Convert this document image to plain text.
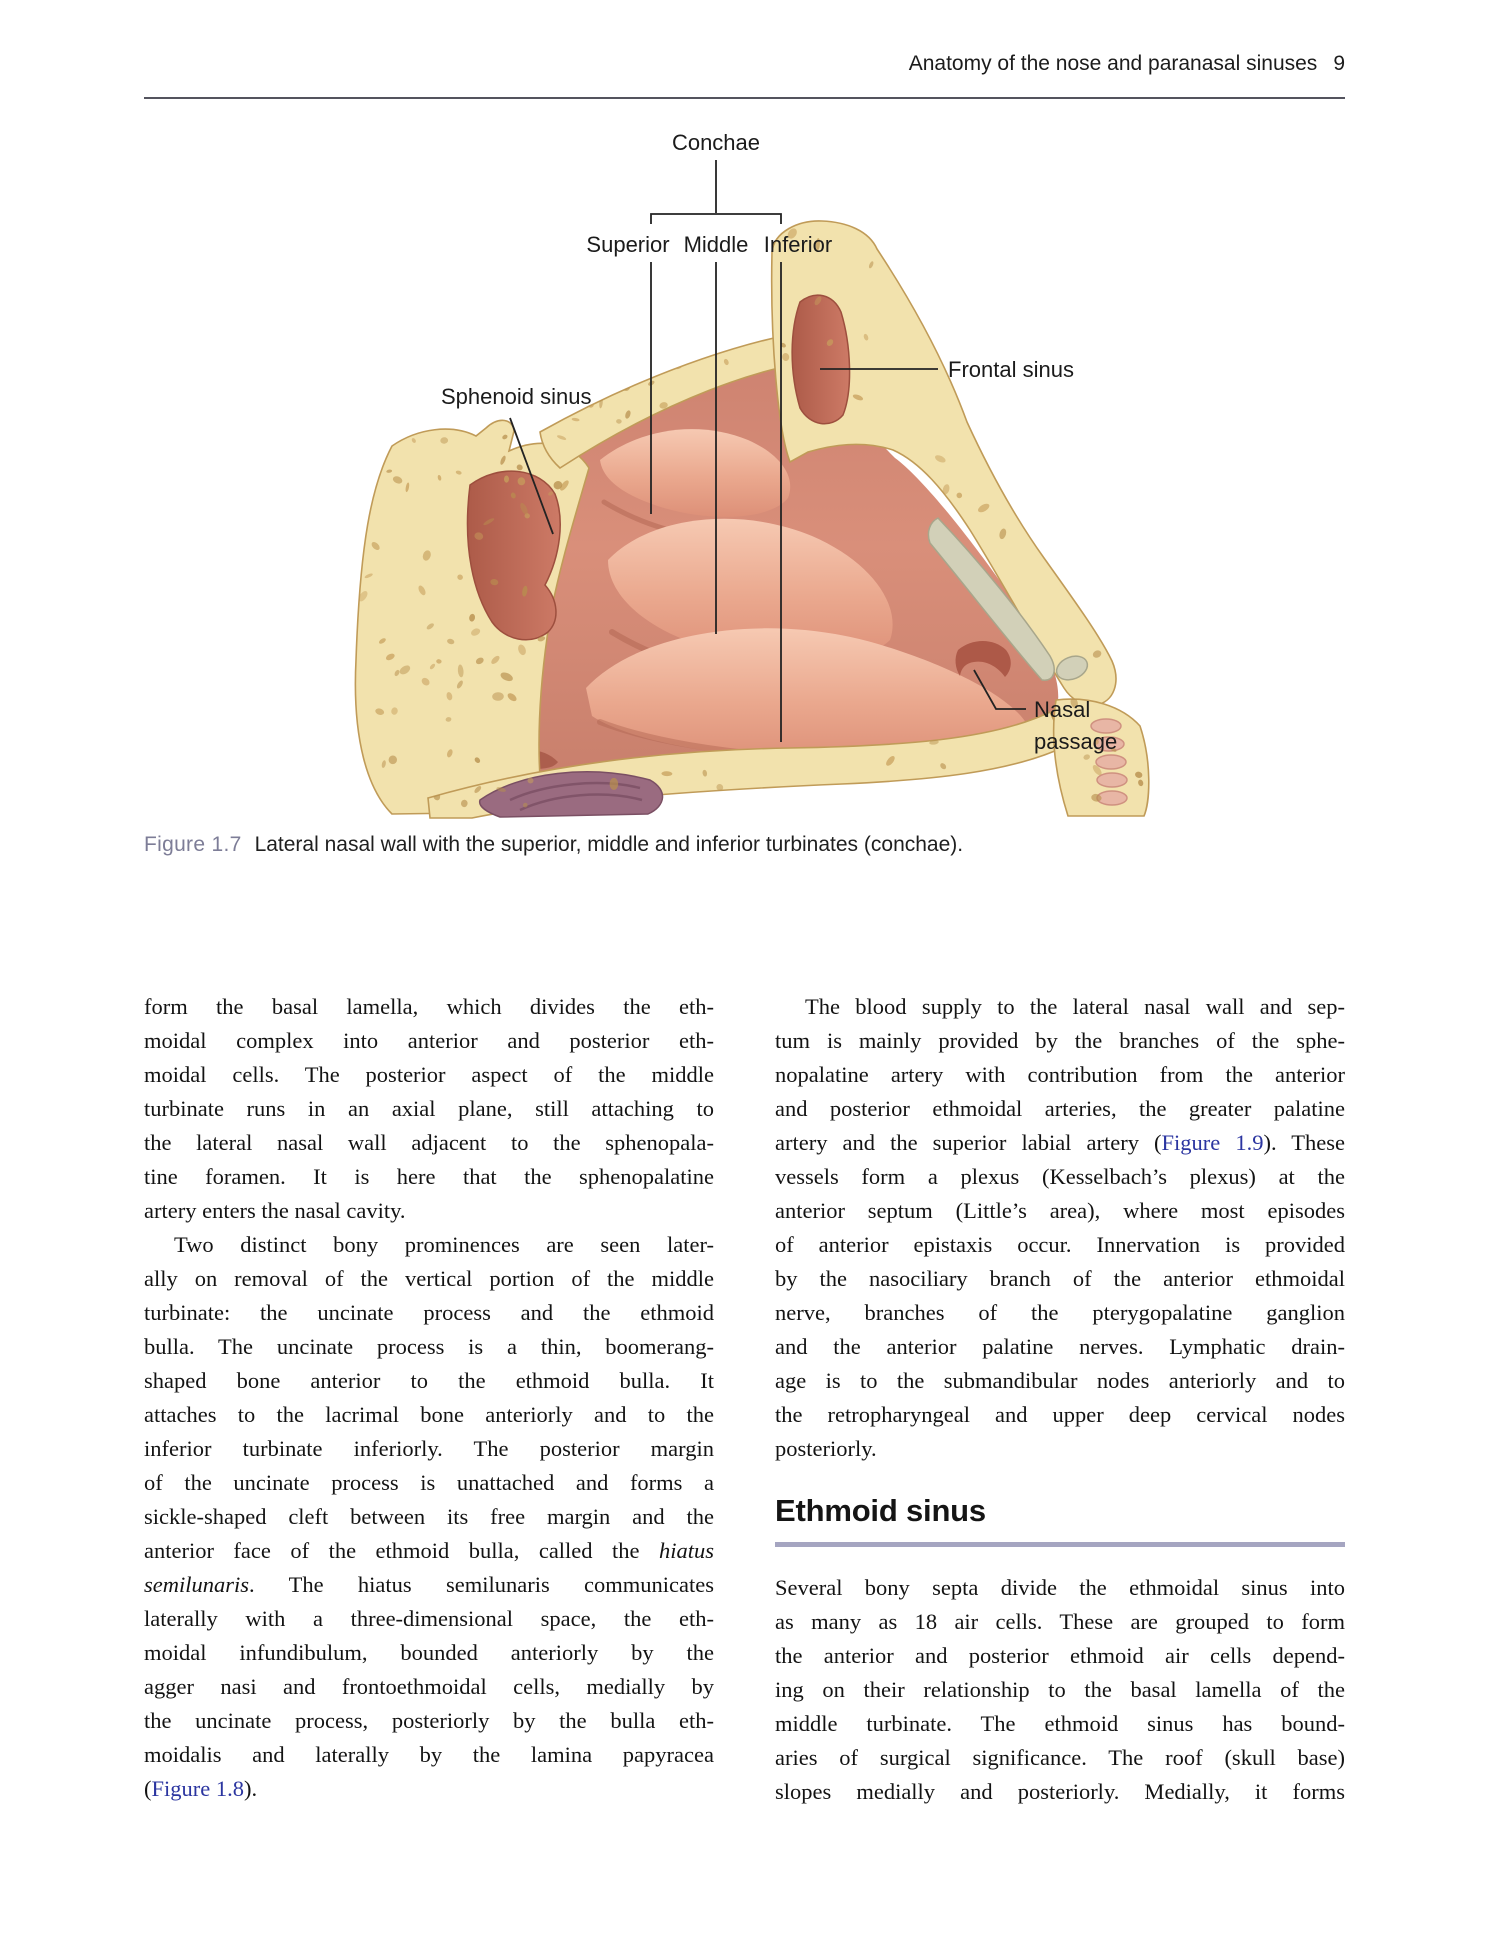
Anatomy of the nose and paranasal sinuses 9
Conchae
Superior Middle Inferior
Sphenoid sinus
Frontal sinus
Nasal
passage
Figure 1.7 Lateral nasal wall with the superior, middle and inferior turbinates (conchae).
form the basal lamella, which divides the eth-
moidal complex into anterior and posterior eth-
moidal cells. The posterior aspect of the middle
turbinate runs in an axial plane, still attaching to
the lateral nasal wall adjacent to the sphenopala-
tine foramen. It is here that the sphenopalatine
artery enters the nasal cavity.
Two distinct bony prominences are seen later-
ally on removal of the vertical portion of the middle
turbinate: the uncinate process and the ethmoid
bulla. The uncinate process is a thin, boomerang-
shaped bone anterior to the ethmoid bulla. It
attaches to the lacrimal bone anteriorly and to the
inferior turbinate inferiorly. The posterior margin
of the uncinate process is unattached and forms a
sickle-shaped cleft between its free margin and the
anterior face of the ethmoid bulla, called the hiatus
semilunaris. The hiatus semilunaris communicates
laterally with a three-dimensional space, the eth-
moidal infundibulum, bounded anteriorly by the
agger nasi and frontoethmoidal cells, medially by
the uncinate process, posteriorly by the bulla eth-
moidalis and laterally by the lamina papyracea
(Figure 1.8).
The blood supply to the lateral nasal wall and sep-
tum is mainly provided by the branches of the sphe-
nopalatine artery with contribution from the anterior
and posterior ethmoidal arteries, the greater palatine
artery and the superior labial artery (Figure 1.9). These
vessels form a plexus (Kesselbach’s plexus) at the
anterior septum (Little’s area), where most episodes
of anterior epistaxis occur. Innervation is provided
by the nasociliary branch of the anterior ethmoidal
nerve, branches of the pterygopalatine ganglion
and the anterior palatine nerves. Lymphatic drain-
age is to the submandibular nodes anteriorly and to
the retropharyngeal and upper deep cervical nodes
posteriorly.
Ethmoid sinus
Several bony septa divide the ethmoidal sinus into
as many as 18 air cells. These are grouped to form
the anterior and posterior ethmoid air cells depend-
ing on their relationship to the basal lamella of the
middle turbinate. The ethmoid sinus has bound-
aries of surgical significance. The roof (skull base)
slopes medially and posteriorly. Medially, it forms
